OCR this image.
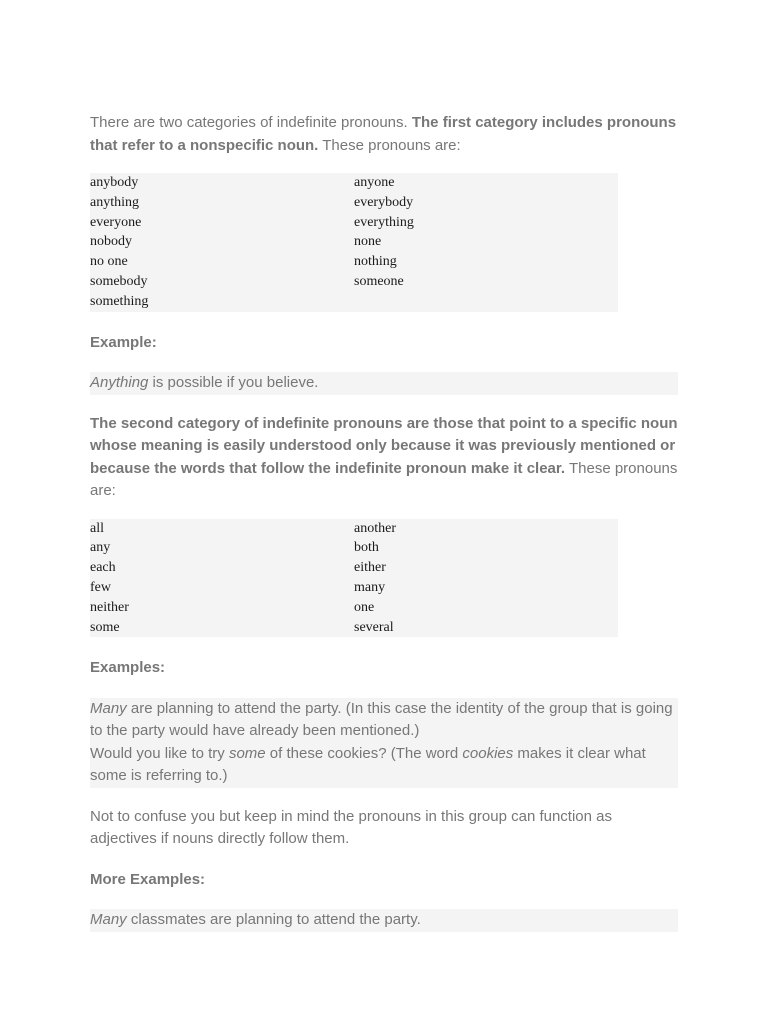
There are two categories of indefinite pronouns. The first category includes pronouns that refer to a nonspecific noun. These pronouns are:

anybody
anything
everyone
nobody
no one
somebody
something
anyone
everybody
everything
none
nothing
someone

Example:

Anything is possible if you believe.

The second category of indefinite pronouns are those that point to a specific noun whose meaning is easily understood only because it was previously mentioned or because the words that follow the indefinite pronoun make it clear. These pronouns are:

all
any
each
few
neither
some
another
both
either
many
one
several

Examples:

Many are planning to attend the party. (In this case the identity of the group that is going to the party would have already been mentioned.)

Would you like to try some of these cookies? (The word cookies makes it clear what some is referring to.)

Not to confuse you but keep in mind the pronouns in this group can function as adjectives if nouns directly follow them.

More Examples:

Many classmates are planning to attend the party.
